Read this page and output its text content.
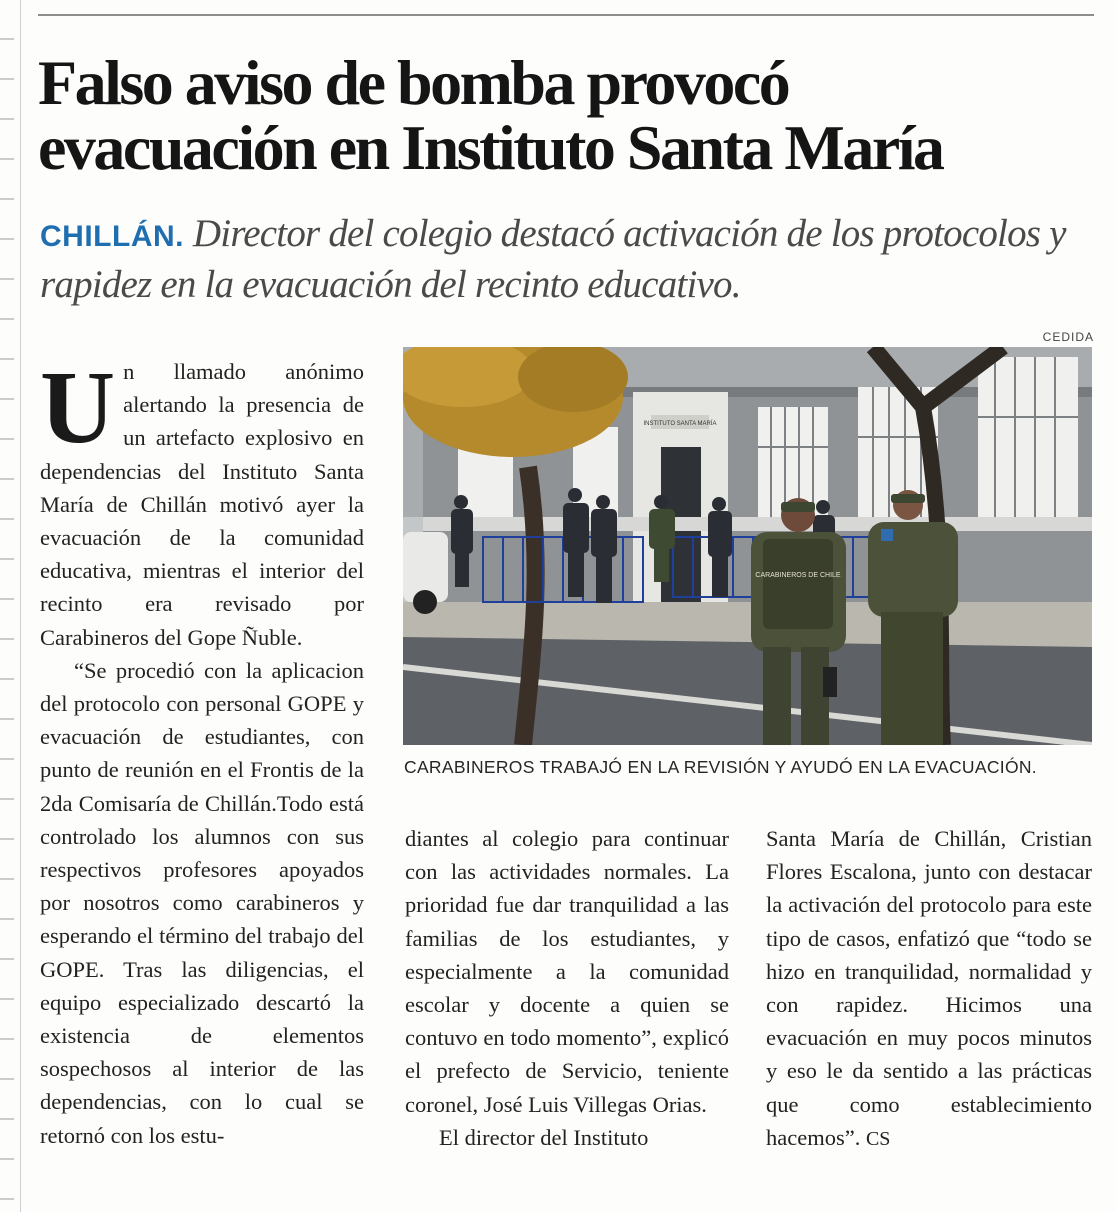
Falso aviso de bomba provocó
evacuación en Instituto Santa María

CHILLÁN. Director del colegio destacó activación de los protocolos y rapidez en la evacuación del recinto educativo.

CEDIDA
INSTITUTO SANTA MARÍA
CARABINEROS DE CHILE

CARABINEROS TRABAJÓ EN LA REVISIÓN Y AYUDÓ EN LA EVACUACIÓN.

Un llamado anónimo alertando la presencia de un artefacto explosivo en dependencias del Instituto Santa María de Chillán motivó ayer la evacuación de la comunidad educativa, mientras el interior del recinto era revisado por Carabineros del Gope Ñuble.

“Se procedió con la aplicacion del protocolo con personal GOPE y evacuación de estudiantes, con punto de reunión en el Frontis de la 2da Comisaría de Chillán.Todo está controlado los alumnos con sus respectivos profesores apoyados por nosotros como carabineros y esperando el término del trabajo del GOPE. Tras las diligencias, el equipo especializado descartó la existencia de elementos sospechosos al interior de las dependencias, con lo cual se retornó con los estu-

diantes al colegio para continuar con las actividades normales. La prioridad fue dar tranquilidad a las familias de los estudiantes, y especialmente a la comunidad escolar y docente a quien se contuvo en todo momento”, explicó el prefecto de Servicio, teniente coronel, José Luis Villegas Orias.

El director del Instituto

Santa María de Chillán, Cristian Flores Escalona, junto con destacar la activación del protocolo para este tipo de casos, enfatizó que “todo se hizo en tranquilidad, normalidad y con rapidez. Hicimos una evacuación en muy pocos minutos y eso le da sentido a las prácticas que como establecimiento hacemos”. CS
